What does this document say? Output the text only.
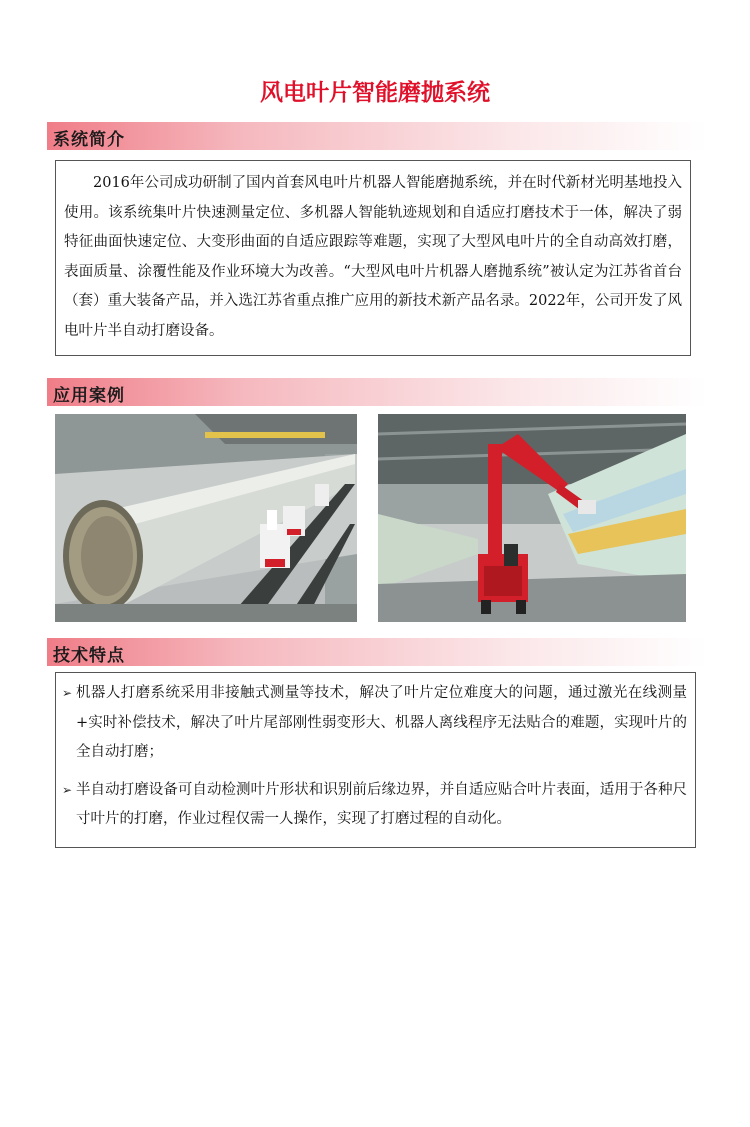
风电叶片智能磨抛系统
系统简介

2016年公司成功研制了国内首套风电叶片机器人智能磨抛系统，并在时代新材光明基地投入使用。该系统集叶片快速测量定位、多机器人智能轨迹规划和自适应打磨技术于一体，解决了弱特征曲面快速定位、大变形曲面的自适应跟踪等难题，实现了大型风电叶片的全自动高效打磨，表面质量、涂覆性能及作业环境大为改善。“大型风电叶片机器人磨抛系统”被认定为江苏省首台（套）重大装备产品，并入选江苏省重点推广应用的新技术新产品名录。2022年，公司开发了风电叶片半自动打磨设备。

应用案例
技术特点
➢ 机器人打磨系统采用非接触式测量等技术，解决了叶片定位难度大的问题，通过激光在线测量+实时补偿技术，解决了叶片尾部刚性弱变形大、机器人离线程序无法贴合的难题，实现叶片的全自动打磨；
➢ 半自动打磨设备可自动检测叶片形状和识别前后缘边界，并自适应贴合叶片表面，适用于各种尺寸叶片的打磨，作业过程仅需一人操作，实现了打磨过程的自动化。
